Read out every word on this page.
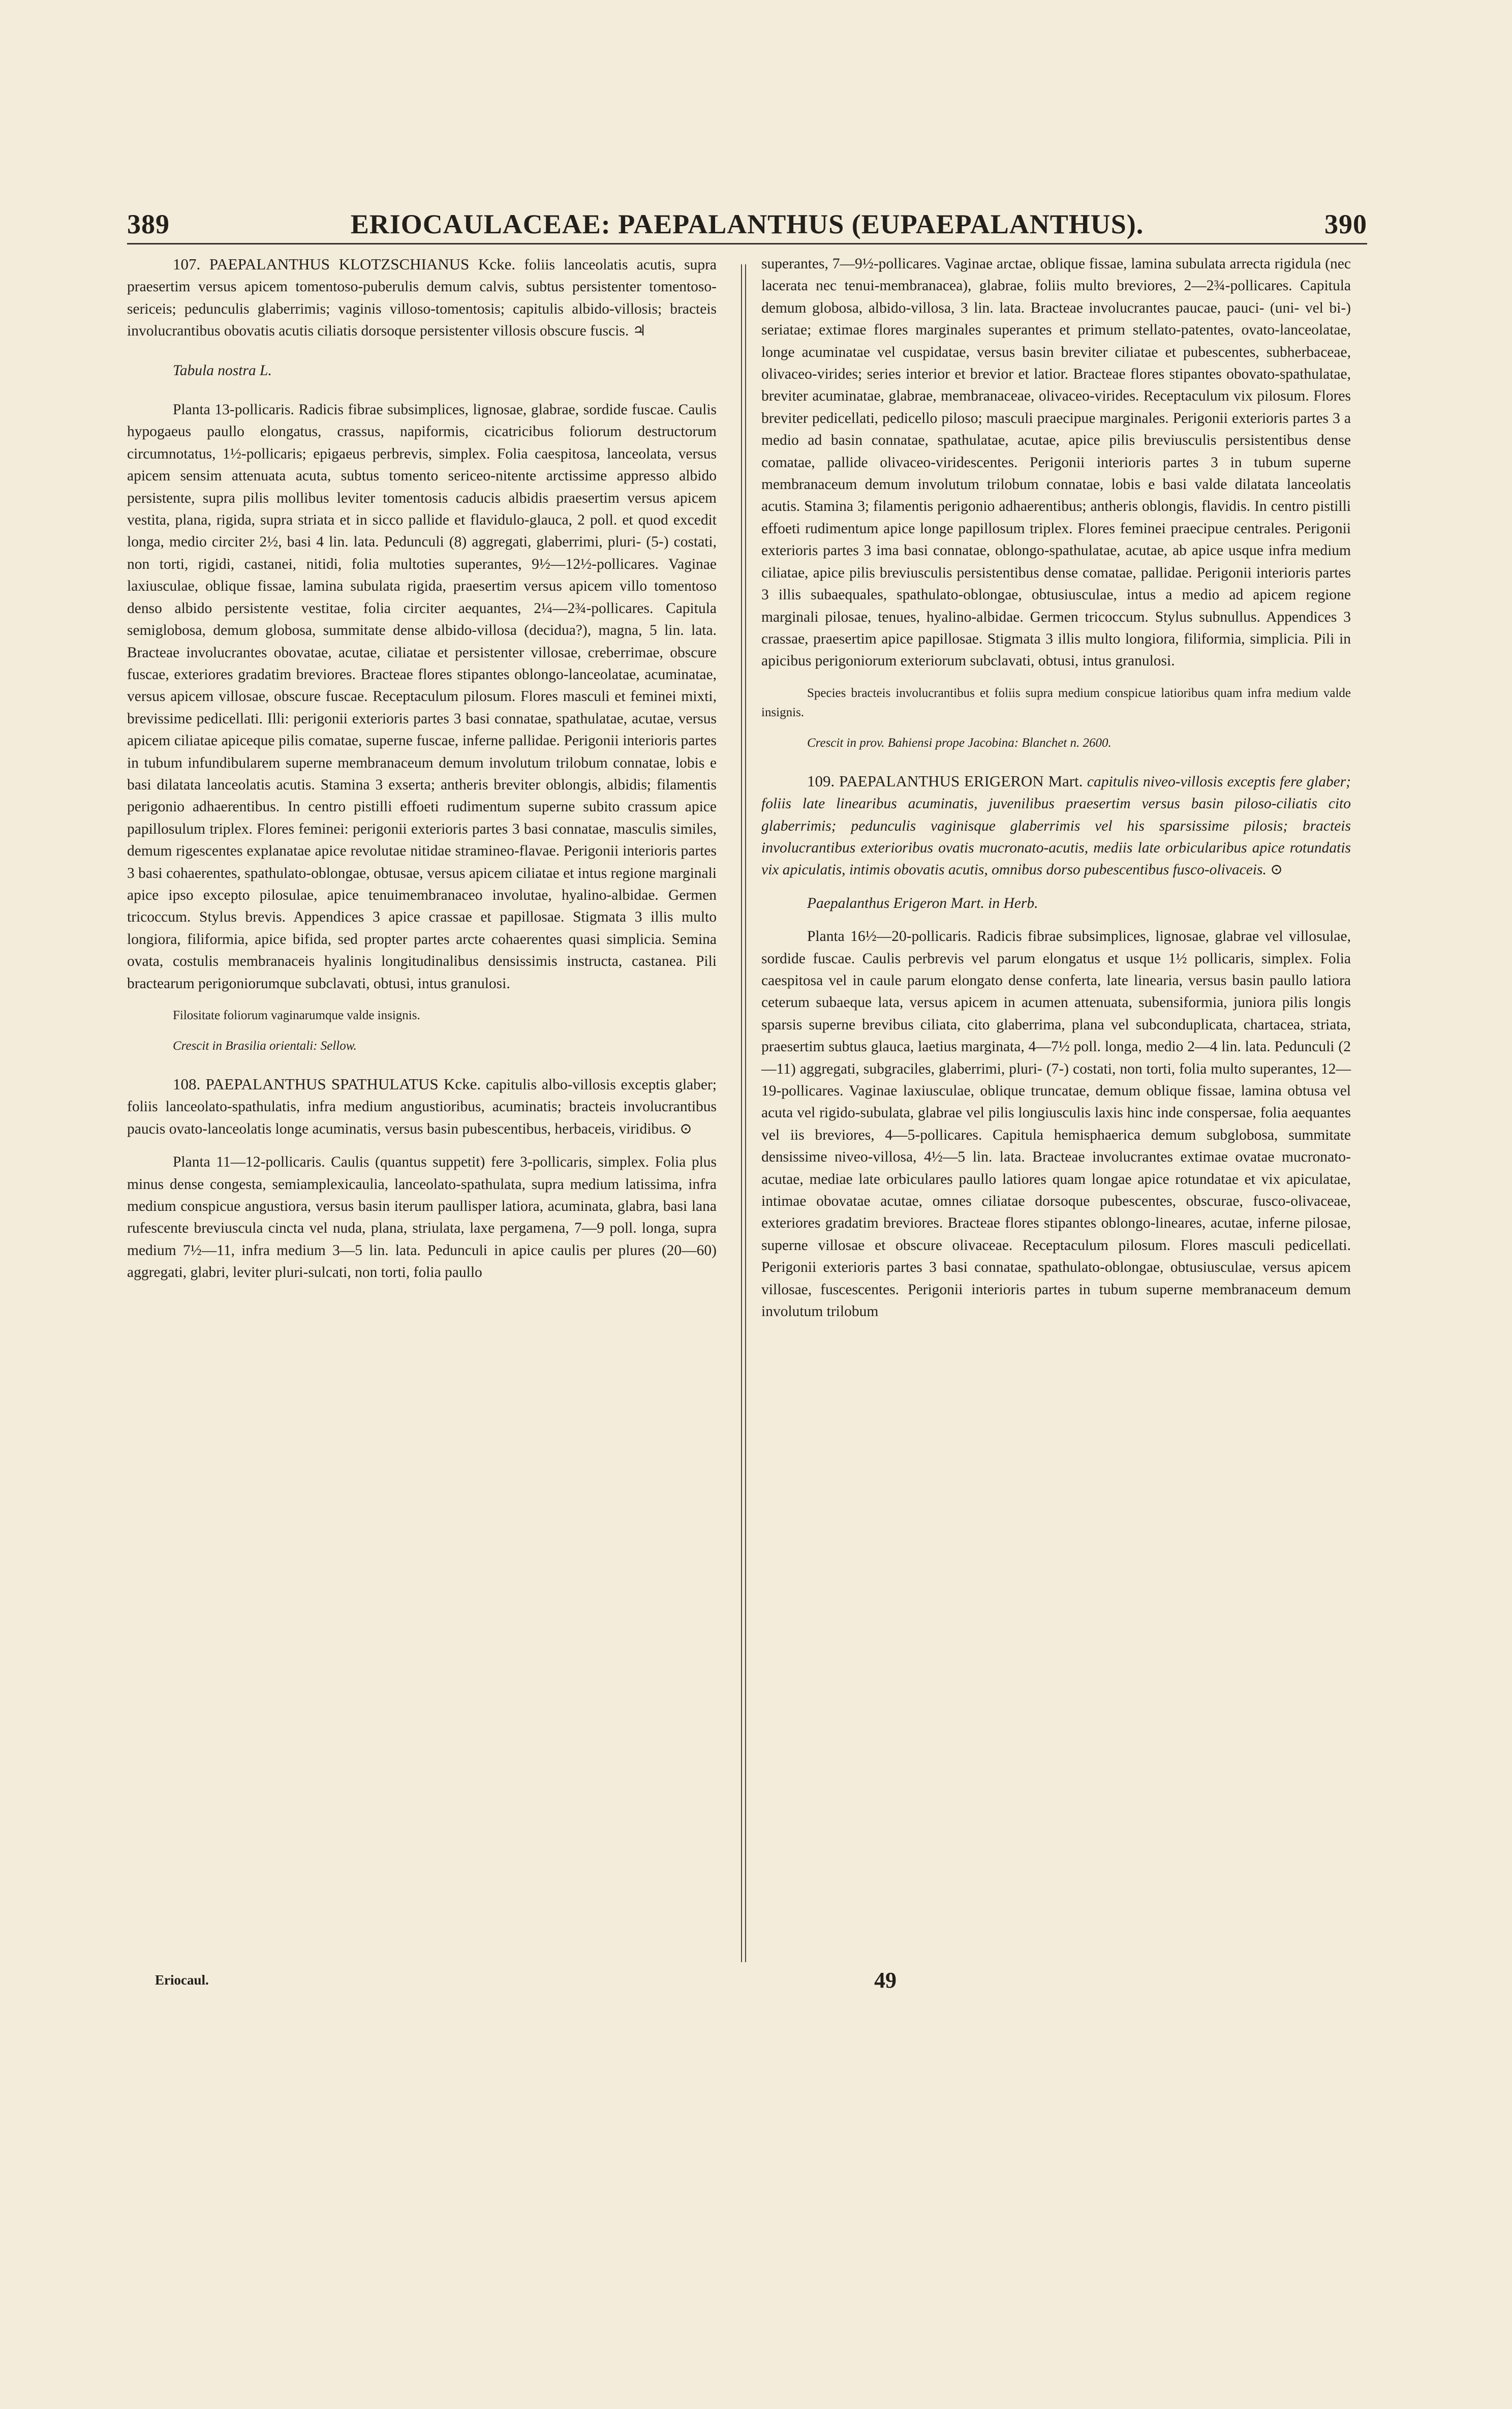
389	ERIOCAULACEAE: PAEPALANTHUS (EUPAEPALANTHUS).	390

107. PAEPALANTHUS KLOTZSCHIANUS Kcke. foliis lanceolatis acutis, supra praesertim versus apicem tomentoso-puberulis demum calvis, subtus persistenter tomentoso-sericeis; pedunculis glaberrimis; vaginis villoso-tomentosis; capitulis albido-villosis; bracteis involucrantibus obovatis acutis ciliatis dorsoque persistenter villosis obscure fuscis. ♃

Tabula nostra L.

Planta 13-pollicaris. Radicis fibrae subsimplices, lignosae, glabrae, sordide fuscae. Caulis hypogaeus paullo elongatus, crassus, napiformis, cicatricibus foliorum destructorum circumnotatus, 1½-pollicaris; epigaeus perbrevis, simplex. Folia caespitosa, lanceolata, versus apicem sensim attenuata acuta, subtus tomento sericeo-nitente arctissime appresso albido persistente, supra pilis mollibus leviter tomentosis caducis albidis praesertim versus apicem vestita, plana, rigida, supra striata et in sicco pallide et flavidulo-glauca, 2 poll. et quod excedit longa, medio circiter 2½, basi 4 lin. lata. Pedunculi (8) aggregati, glaberrimi, pluri- (5-) costati, non torti, rigidi, castanei, nitidi, folia multoties superantes, 9½—12½-pollicares. Vaginae laxiusculae, oblique fissae, lamina subulata rigida, praesertim versus apicem villo tomentoso denso albido persistente vestitae, folia circiter aequantes, 2¼—2¾-pollicares. Capitula semiglobosa, demum globosa, summitate dense albido-villosa (decidua?), magna, 5 lin. lata. Bracteae involucrantes obovatae, acutae, ciliatae et persistenter villosae, creberrimae, obscure fuscae, exteriores gradatim breviores. Bracteae flores stipantes oblongo-lanceolatae, acuminatae, versus apicem villosae, obscure fuscae. Receptaculum pilosum. Flores masculi et feminei mixti, brevissime pedicellati. Illi: perigonii exterioris partes 3 basi connatae, spathulatae, acutae, versus apicem ciliatae apiceque pilis comatae, superne fuscae, inferne pallidae. Perigonii interioris partes in tubum infundibularem superne membranaceum demum involutum trilobum connatae, lobis e basi dilatata lanceolatis acutis. Stamina 3 exserta; antheris breviter oblongis, albidis; filamentis perigonio adhaerentibus. In centro pistilli effoeti rudimentum superne subito crassum apice papillosulum triplex. Flores feminei: perigonii exterioris partes 3 basi connatae, masculis similes, demum rigescentes explanatae apice revolutae nitidae stramineo-flavae. Perigonii interioris partes 3 basi cohaerentes, spathulato-oblongae, obtusae, versus apicem ciliatae et intus regione marginali apice ipso excepto pilosulae, apice tenuimembranaceo involutae, hyalino-albidae. Germen tricoccum. Stylus brevis. Appendices 3 apice crassae et papillosae. Stigmata 3 illis multo longiora, filiformia, apice bifida, sed propter partes arcte cohaerentes quasi simplicia. Semina ovata, costulis membranaceis hyalinis longitudinalibus densissimis instructa, castanea. Pili bractearum perigoniorumque subclavati, obtusi, intus granulosi.

Filositate foliorum vaginarumque valde insignis.

Crescit in Brasilia orientali: Sellow.

108. PAEPALANTHUS SPATHULATUS Kcke. capitulis albo-villosis exceptis glaber; foliis lanceolato-spathulatis, infra medium angustioribus, acuminatis; bracteis involucrantibus paucis ovato-lanceolatis longe acuminatis, versus basin pubescentibus, herbaceis, viridibus. ⊙

Planta 11—12-pollicaris. Caulis (quantus suppetit) fere 3-pollicaris, simplex. Folia plus minus dense congesta, semiamplexicaulia, lanceolato-spathulata, supra medium latissima, infra medium conspicue angustiora, versus basin iterum paullisper latiora, acuminata, glabra, basi lana rufescente breviuscula cincta vel nuda, plana, striulata, laxe pergamena, 7—9 poll. longa, supra medium 7½—11, infra medium 3—5 lin. lata. Pedunculi in apice caulis per plures (20—60) aggregati, glabri, leviter pluri-sulcati, non torti, folia paullo

superantes, 7—9½-pollicares. Vaginae arctae, oblique fissae, lamina subulata arrecta rigidula (nec lacerata nec tenui-membranacea), glabrae, foliis multo breviores, 2—2¾-pollicares. Capitula demum globosa, albido-villosa, 3 lin. lata. Bracteae involucrantes paucae, pauci- (uni- vel bi-) seriatae; extimae flores marginales superantes et primum stellato-patentes, ovato-lanceolatae, longe acuminatae vel cuspidatae, versus basin breviter ciliatae et pubescentes, subherbaceae, olivaceo-virides; series interior et brevior et latior. Bracteae flores stipantes obovato-spathulatae, breviter acuminatae, glabrae, membranaceae, olivaceo-virides. Receptaculum vix pilosum. Flores breviter pedicellati, pedicello piloso; masculi praecipue marginales. Perigonii exterioris partes 3 a medio ad basin connatae, spathulatae, acutae, apice pilis breviusculis persistentibus dense comatae, pallide olivaceo-viridescentes. Perigonii interioris partes 3 in tubum superne membranaceum demum involutum trilobum connatae, lobis e basi valde dilatata lanceolatis acutis. Stamina 3; filamentis perigonio adhaerentibus; antheris oblongis, flavidis. In centro pistilli effoeti rudimentum apice longe papillosum triplex. Flores feminei praecipue centrales. Perigonii exterioris partes 3 ima basi connatae, oblongo-spathulatae, acutae, ab apice usque infra medium ciliatae, apice pilis breviusculis persistentibus dense comatae, pallidae. Perigonii interioris partes 3 illis subaequales, spathulato-oblongae, obtusiusculae, intus a medio ad apicem regione marginali pilosae, tenues, hyalino-albidae. Germen tricoccum. Stylus subnullus. Appendices 3 crassae, praesertim apice papillosae. Stigmata 3 illis multo longiora, filiformia, simplicia. Pili in apicibus perigoniorum exteriorum subclavati, obtusi, intus granulosi.

Species bracteis involucrantibus et foliis supra medium conspicue latioribus quam infra medium valde insignis.

Crescit in prov. Bahiensi prope Jacobina: Blanchet n. 2600.

109. PAEPALANTHUS ERIGERON Mart. capitulis niveo-villosis exceptis fere glaber; foliis late linearibus acuminatis, juvenilibus praesertim versus basin piloso-ciliatis cito glaberrimis; pedunculis vaginisque glaberrimis vel his sparsissime pilosis; bracteis involucrantibus exterioribus ovatis mucronato-acutis, mediis late orbicularibus apice rotundatis vix apiculatis, intimis obovatis acutis, omnibus dorso pubescentibus fusco-olivaceis. ⊙

Paepalanthus Erigeron Mart. in Herb.

Planta 16½—20-pollicaris. Radicis fibrae subsimplices, lignosae, glabrae vel villosulae, sordide fuscae. Caulis perbrevis vel parum elongatus et usque 1½ pollicaris, simplex. Folia caespitosa vel in caule parum elongato dense conferta, late linearia, versus basin paullo latiora ceterum subaeque lata, versus apicem in acumen attenuata, subensiformia, juniora pilis longis sparsis superne brevibus ciliata, cito glaberrima, plana vel subconduplicata, chartacea, striata, praesertim subtus glauca, laetius marginata, 4—7½ poll. longa, medio 2—4 lin. lata. Pedunculi (2—11) aggregati, subgraciles, glaberrimi, pluri- (7-) costati, non torti, folia multo superantes, 12—19-pollicares. Vaginae laxiusculae, oblique truncatae, demum oblique fissae, lamina obtusa vel acuta vel rigido-subulata, glabrae vel pilis longiusculis laxis hinc inde conspersae, folia aequantes vel iis breviores, 4—5-pollicares. Capitula hemisphaerica demum subglobosa, summitate densissime niveo-villosa, 4½—5 lin. lata. Bracteae involucrantes extimae ovatae mucronato-acutae, mediae late orbiculares paullo latiores quam longae apice rotundatae et vix apiculatae, intimae obovatae acutae, omnes ciliatae dorsoque pubescentes, obscurae, fusco-olivaceae, exteriores gradatim breviores. Bracteae flores stipantes oblongo-lineares, acutae, inferne pilosae, superne villosae et obscure olivaceae. Receptaculum pilosum. Flores masculi pedicellati. Perigonii exterioris partes 3 basi connatae, spathulato-oblongae, obtusiusculae, versus apicem villosae, fuscescentes. Perigonii interioris partes in tubum superne membranaceum demum involutum trilobum

Eriocaul.	49
